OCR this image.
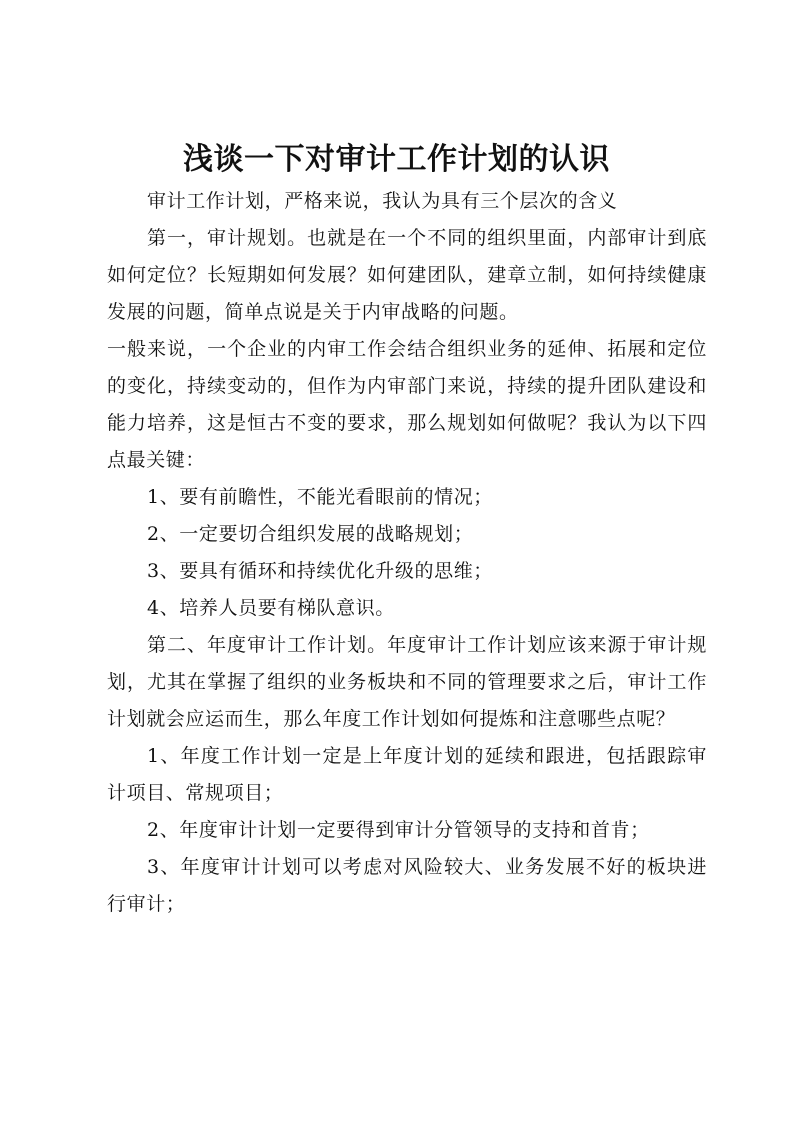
浅谈一下对审计工作计划的认识

审计工作计划，严格来说，我认为具有三个层次的含义

第一，审计规划。也就是在一个不同的组织里面，内部审计到底如何定位？长短期如何发展？如何建团队，建章立制，如何持续健康发展的问题，简单点说是关于内审战略的问题。

一般来说，一个企业的内审工作会结合组织业务的延伸、拓展和定位的变化，持续变动的，但作为内审部门来说，持续的提升团队建设和能力培养，这是恒古不变的要求，那么规划如何做呢？我认为以下四点最关键：

1、要有前瞻性，不能光看眼前的情况；

2、一定要切合组织发展的战略规划；

3、要具有循环和持续优化升级的思维；

4、培养人员要有梯队意识。

第二、年度审计工作计划。年度审计工作计划应该来源于审计规划，尤其在掌握了组织的业务板块和不同的管理要求之后，审计工作计划就会应运而生，那么年度工作计划如何提炼和注意哪些点呢？

1、年度工作计划一定是上年度计划的延续和跟进，包括跟踪审计项目、常规项目；

2、年度审计计划一定要得到审计分管领导的支持和首肯；

3、年度审计计划可以考虑对风险较大、业务发展不好的板块进行审计；
